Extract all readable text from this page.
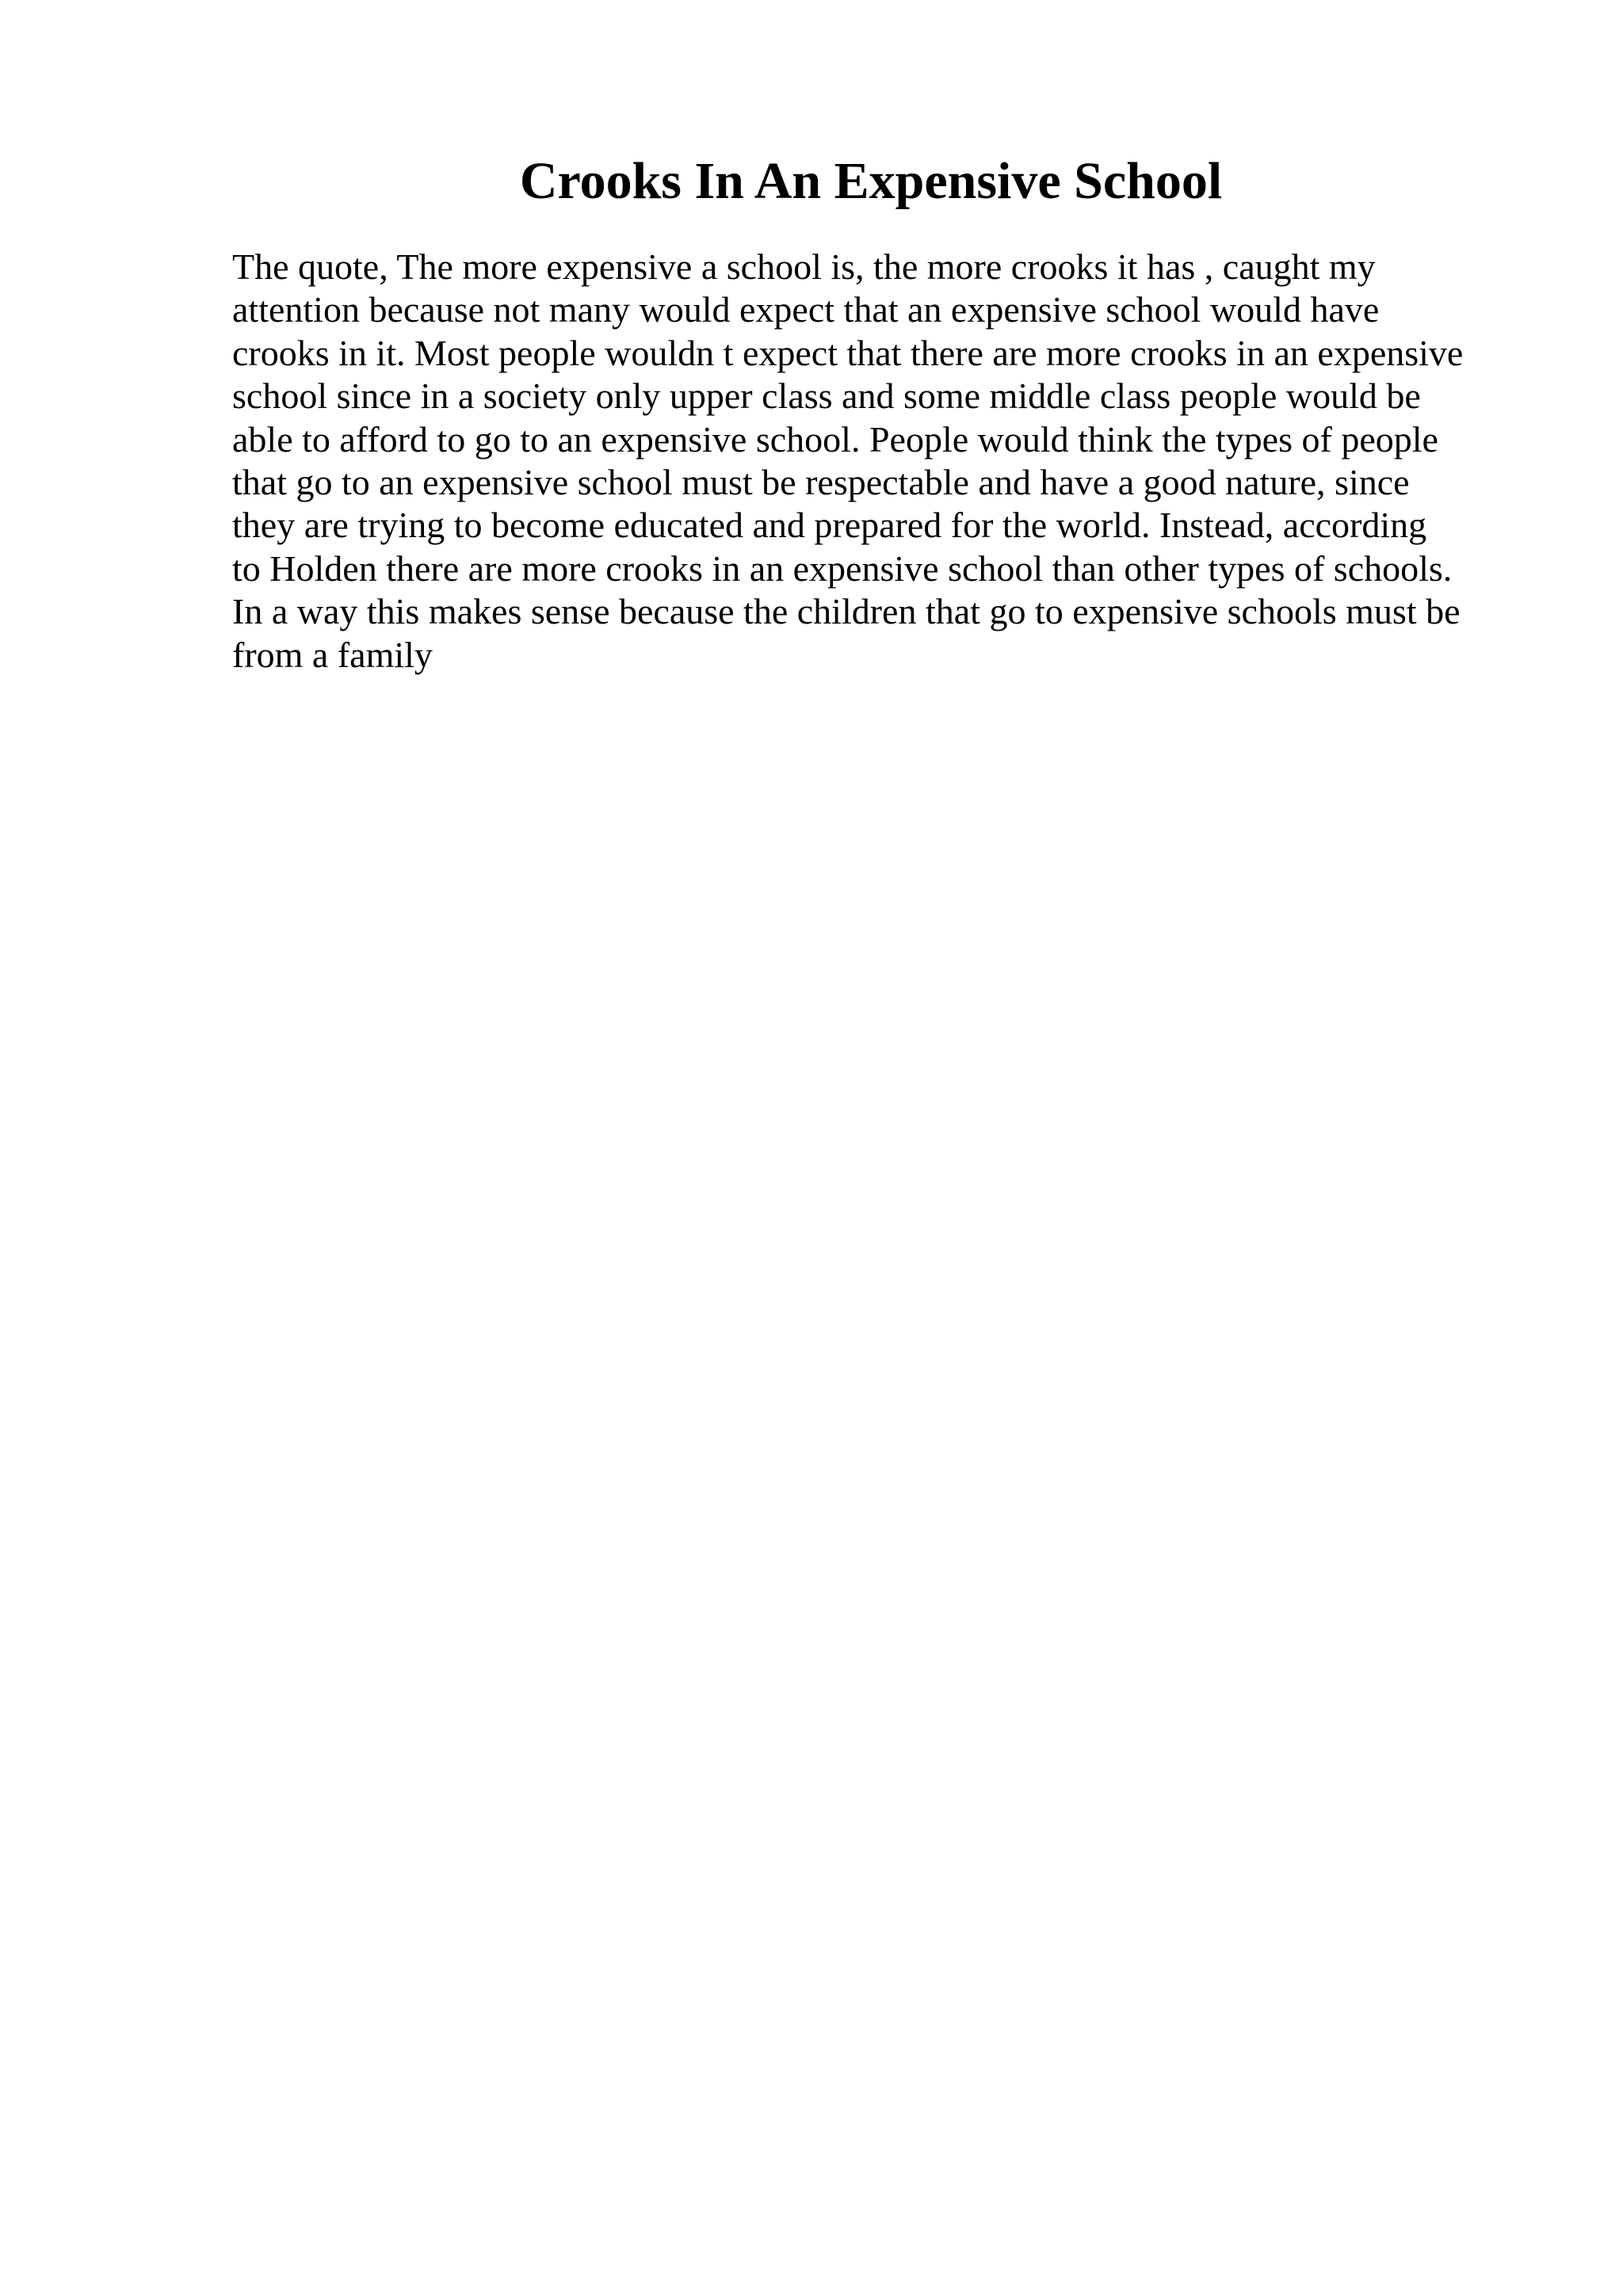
Crooks In An Expensive School
The quote, The more expensive a school is, the more crooks it has , caught my
attention because not many would expect that an expensive school would have
crooks in it. Most people wouldn t expect that there are more crooks in an expensive
school since in a society only upper class and some middle class people would be
able to afford to go to an expensive school. People would think the types of people
that go to an expensive school must be respectable and have a good nature, since
they are trying to become educated and prepared for the world. Instead, according
to Holden there are more crooks in an expensive school than other types of schools.
In a way this makes sense because the children that go to expensive schools must be
from a family
